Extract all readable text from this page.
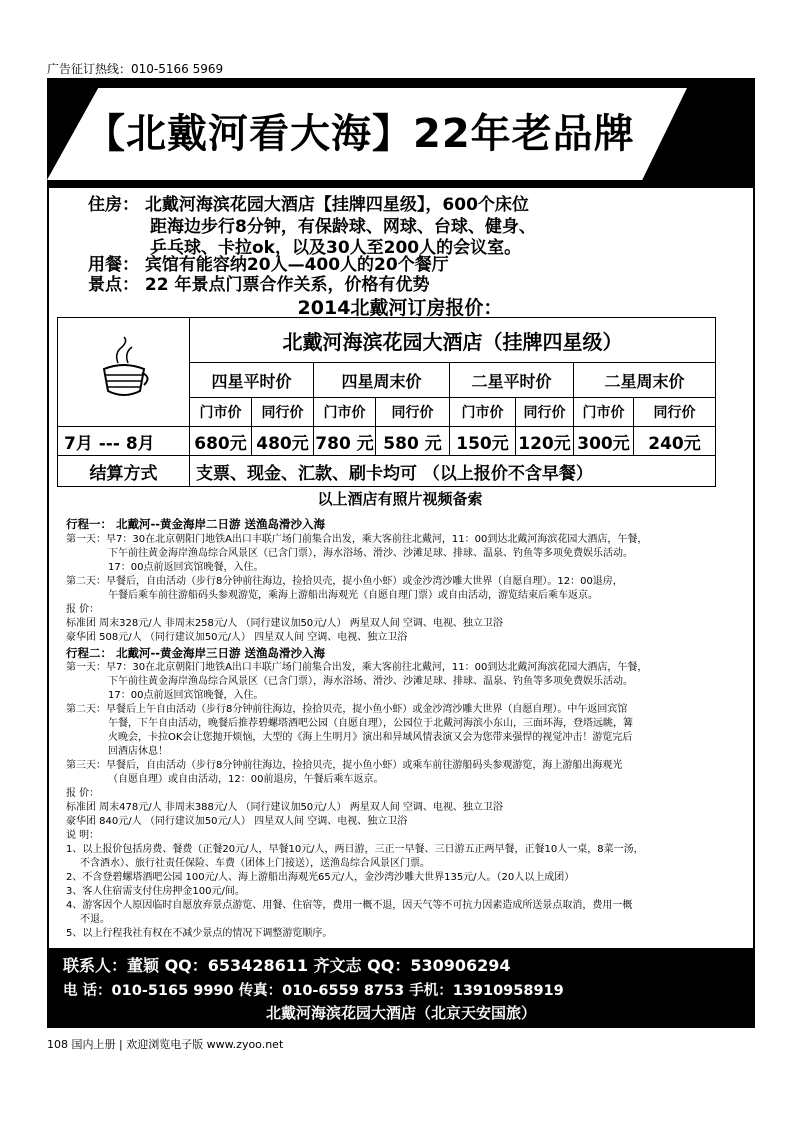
广告征订热线：010-5166 5969
【北戴河看大海】22年老品牌
住房： 北戴河海滨花园大酒店【挂牌四星级】，600个床位
距海边步行8分钟，有保龄球、网球、台球、健身、
乒乓球、卡拉ok，以及30人至200人的会议室。
用餐： 宾馆有能容纳20人—400人的20个餐厅
景点： 22 年景点门票合作关系，价格有优势
2014北戴河订房报价：
	北戴河海滨花园大酒店（挂牌四星级）							
	四星平时价		四星周末价		二星平时价		二星周末价	
	门市价	同行价	门市价	同行价	门市价	同行价	门市价	同行价
7月 --- 8月	680元	480元	780 元	580 元	150元	120元	300元	240元
结算方式	支票、现金、汇款、刷卡均可 （以上报价不含早餐）							
以上酒店有照片视频备索
行程一： 北戴河--黄金海岸二日游 送渔岛滑沙入海
第一天：早7：30在北京朝阳门地铁A出口丰联广场门前集合出发，乘大客前往北戴河，11：00到达北戴河海滨花园大酒店，午餐，
下午前往黄金海岸渔岛综合风景区（已含门票），海水浴场、滑沙、沙滩足球、排球、温泉、钓鱼等多项免费娱乐活动。
17：00点前返回宾馆晚餐，入住。
第二天：早餐后，自由活动（步行8分钟前往海边，捡拾贝壳，捉小鱼小虾）或金沙湾沙雕大世界（自愿自理）。12：00退房，
午餐后乘车前往游船码头参观游览，乘海上游船出海观光（自愿自理门票）或自由活动，游览结束后乘车返京。
报 价：
标准团 周末328元/人 非周末258元/人 （同行建议加50元/人） 两星双人间 空调、电视、独立卫浴
豪华团 508元/人 （同行建议加50元/人） 四星双人间 空调、电视、独立卫浴
行程二： 北戴河--黄金海岸三日游 送渔岛滑沙入海
第一天：早7：30在北京朝阳门地铁A出口丰联广场门前集合出发，乘大客前往北戴河，11：00到达北戴河海滨花园大酒店，午餐，
下午前往黄金海岸渔岛综合风景区（已含门票），海水浴场、滑沙、沙滩足球、排球、温泉、钓鱼等多项免费娱乐活动。
17：00点前返回宾馆晚餐，入住。
第二天：早餐后上午自由活动（步行8分钟前往海边，捡拾贝壳，捉小鱼小虾）或金沙湾沙雕大世界（自愿自理）。中午返回宾馆
午餐，下午自由活动，晚餐后推荐碧螺塔酒吧公园（自愿自理），公园位于北戴河海滨小东山，三面环海，登塔远眺，篝
火晚会，卡拉OK会让您抛开烦恼，大型的《海上生明月》演出和异域风情表演又会为您带来强悍的视觉冲击！游览完后
回酒店休息！
第三天：早餐后，自由活动（步行8分钟前往海边，捡拾贝壳，捉小鱼小虾）或乘车前往游船码头参观游览，海上游船出海观光
（自愿自理）或自由活动，12：00前退房，午餐后乘车返京。
报 价：
标准团 周末478元/人 非周末388元/人 （同行建议加50元/人） 两星双人间 空调、电视、独立卫浴
豪华团 840元/人 （同行建议加50元/人） 四星双人间 空调、电视、独立卫浴
说 明：
1、以上报价包括房费、餐费（正餐20元/人，早餐10元/人，两日游，三正一早餐、三日游五正两早餐，正餐10人一桌，8菜一汤，
不含酒水）、旅行社责任保险、车费（团体上门接送），送渔岛综合风景区门票。
2、不含登碧螺塔酒吧公园 100元/人、海上游船出海观光65元/人，金沙湾沙雕大世界135元/人。（20人以上成团）
3、客人住宿需支付住房押金100元/间。
4、游客因个人原因临时自愿放弃景点游览、用餐、住宿等，费用一概不退，因天气等不可抗力因素造成所送景点取消，费用一概
不退。
5、以上行程我社有权在不减少景点的情况下调整游览顺序。
联系人：董颖 QQ：653428611 齐文志 QQ：530906294
电 话：010-5165 9990 传真：010-6559 8753 手机：13910958919
北戴河海滨花园大酒店（北京天安国旅）
108 国内上册 | 欢迎浏览电子版 www.zyoo.net
